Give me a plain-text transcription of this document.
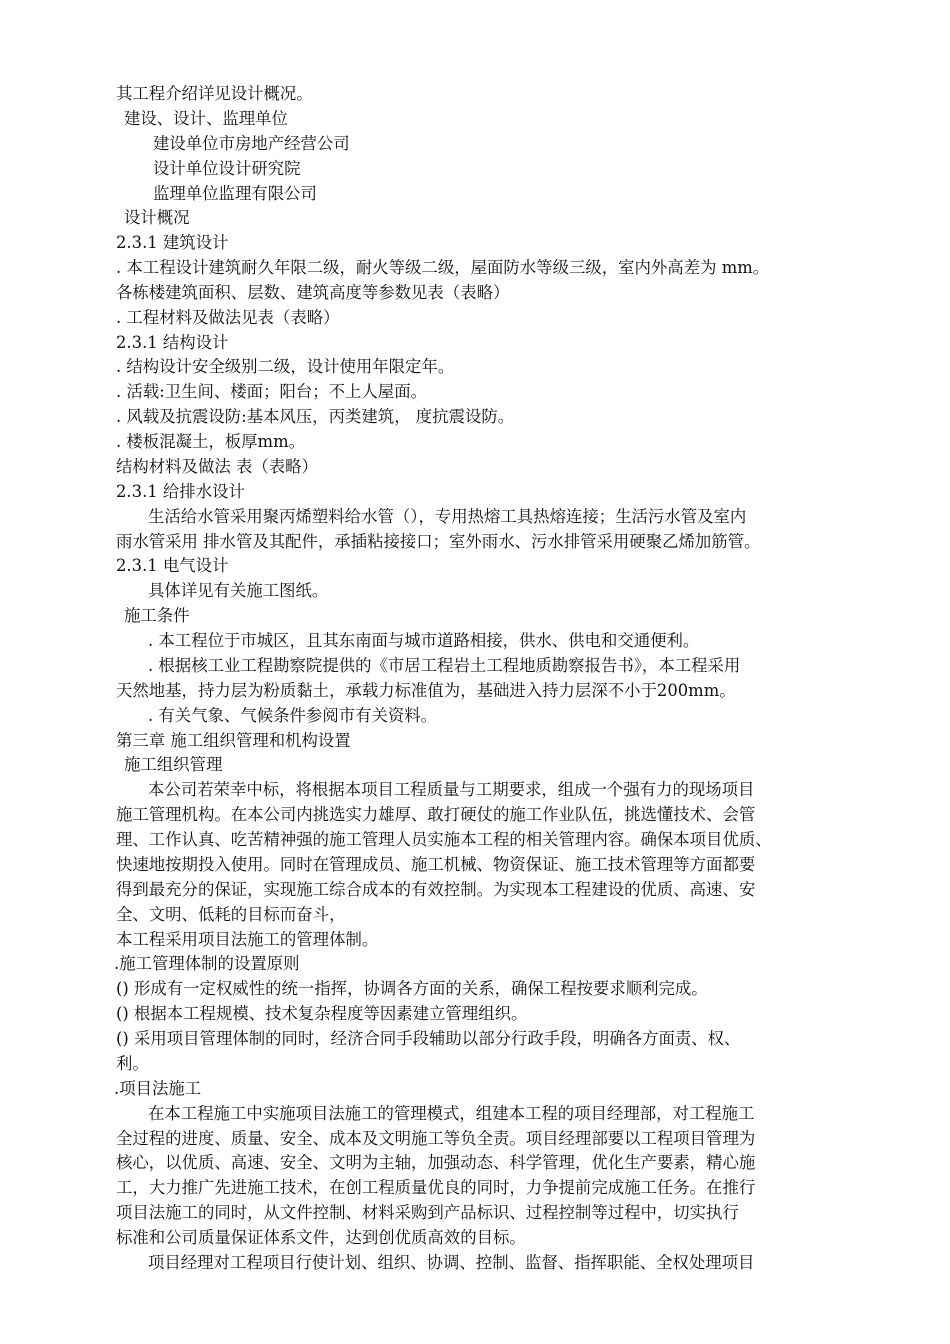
其工程介绍详见设计概况。
建设、设计、监理单位
建设单位市房地产经营公司
设计单位设计研究院
监理单位监理有限公司
设计概况
2.3.1 建筑设计
. 本工程设计建筑耐久年限二级，耐火等级二级，屋面防水等级三级，室内外高差为 mm。
各栋楼建筑面积、层数、建筑高度等参数见表（表略）
. 工程材料及做法见表（表略）
2.3.1 结构设计
. 结构设计安全级别二级，设计使用年限定年。
. 活载:卫生间、楼面；阳台；不上人屋面。
. 风载及抗震设防:基本风压，丙类建筑， 度抗震设防。
. 楼板混凝土，板厚mm。
结构材料及做法 表（表略）
2.3.1 给排水设计
生活给水管采用聚丙烯塑料给水管（），专用热熔工具热熔连接；生活污水管及室内
雨水管采用 排水管及其配件，承插粘接接口；室外雨水、污水排管采用硬聚乙烯加筋管。
2.3.1 电气设计
具体详见有关施工图纸。
施工条件
. 本工程位于市城区，且其东南面与城市道路相接，供水、供电和交通便利。
. 根据核工业工程勘察院提供的《市居工程岩土工程地质勘察报告书》，本工程采用
天然地基，持力层为粉质黏土，承载力标准值为，基础进入持力层深不小于200mm。
. 有关气象、气候条件参阅市有关资料。
第三章 施工组织管理和机构设置
施工组织管理
本公司若荣幸中标，将根据本项目工程质量与工期要求，组成一个强有力的现场项目
施工管理机构。在本公司内挑选实力雄厚、敢打硬仗的施工作业队伍，挑选懂技术、会管
理、工作认真、吃苦精神强的施工管理人员实施本工程的相关管理内容。确保本项目优质、
快速地按期投入使用。同时在管理成员、施工机械、物资保证、施工技术管理等方面都要
得到最充分的保证，实现施工综合成本的有效控制。为实现本工程建设的优质、高速、安
全、文明、低耗的目标而奋斗，
本工程采用项目法施工的管理体制。
.施工管理体制的设置原则
() 形成有一定权威性的统一指挥，协调各方面的关系，确保工程按要求顺利完成。
() 根据本工程规模、技术复杂程度等因素建立管理组织。
() 采用项目管理体制的同时，经济合同手段辅助以部分行政手段，明确各方面责、权、
利。
.项目法施工
在本工程施工中实施项目法施工的管理模式，组建本工程的项目经理部，对工程施工
全过程的进度、质量、安全、成本及文明施工等负全责。项目经理部要以工程项目管理为
核心，以优质、高速、安全、文明为主轴，加强动态、科学管理，优化生产要素，精心施
工，大力推广先进施工技术，在创工程质量优良的同时，力争提前完成施工任务。在推行
项目法施工的同时，从文件控制、材料采购到产品标识、过程控制等过程中，切实执行
标准和公司质量保证体系文件，达到创优质高效的目标。
项目经理对工程项目行使计划、组织、协调、控制、监督、指挥职能、全权处理项目
